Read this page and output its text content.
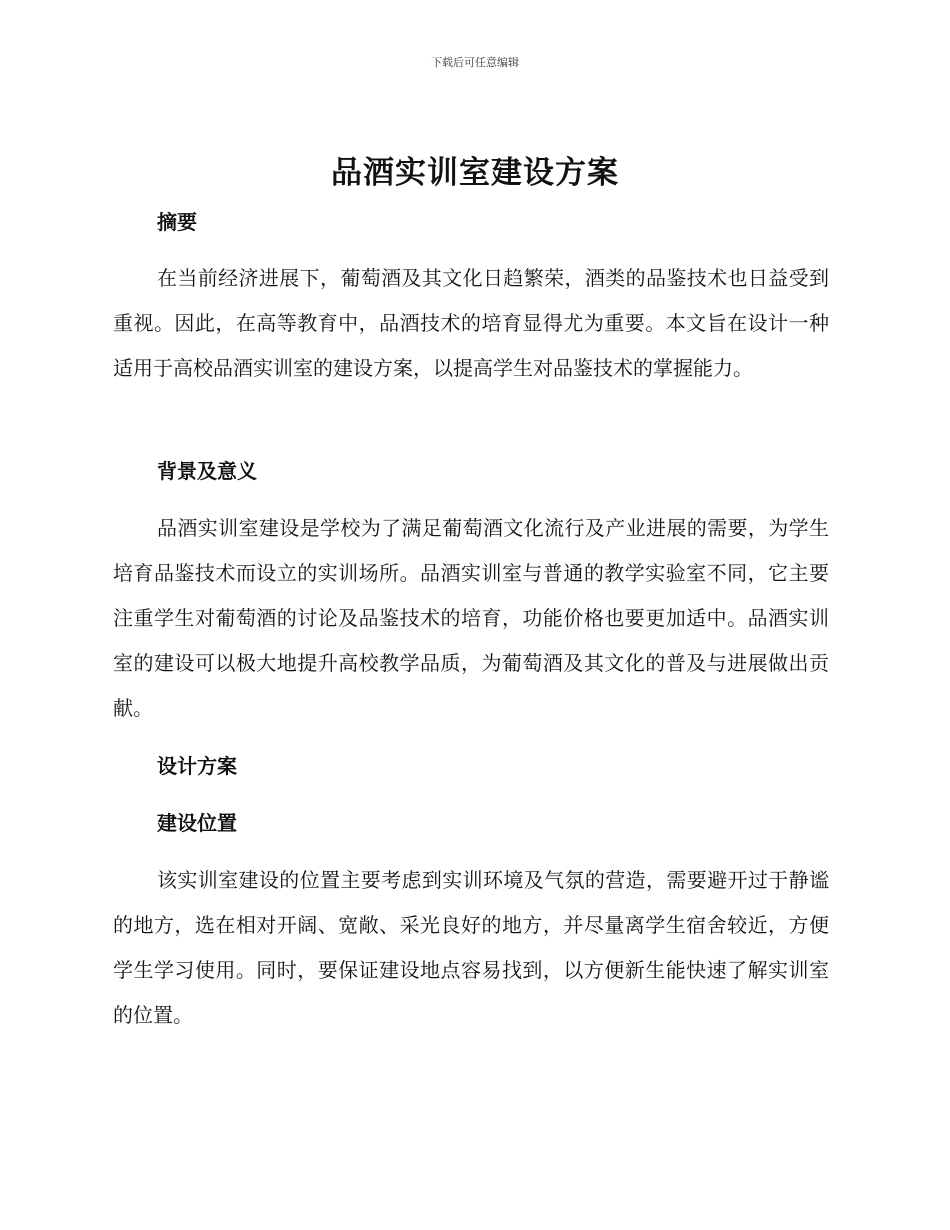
下载后可任意编辑
品酒实训室建设方案
摘要

在当前经济进展下，葡萄酒及其文化日趋繁荣，酒类的品鉴技术也日益受到重视。因此，在高等教育中，品酒技术的培育显得尤为重要。本文旨在设计一种适用于高校品酒实训室的建设方案，以提高学生对品鉴技术的掌握能力。

背景及意义

品酒实训室建设是学校为了满足葡萄酒文化流行及产业进展的需要，为学生培育品鉴技术而设立的实训场所。品酒实训室与普通的教学实验室不同，它主要注重学生对葡萄酒的讨论及品鉴技术的培育，功能价格也要更加适中。品酒实训室的建设可以极大地提升高校教学品质，为葡萄酒及其文化的普及与进展做出贡献。

设计方案
建设位置

该实训室建设的位置主要考虑到实训环境及气氛的营造，需要避开过于静谧的地方，选在相对开阔、宽敞、采光良好的地方，并尽量离学生宿舍较近，方便学生学习使用。同时，要保证建设地点容易找到，以方便新生能快速了解实训室的位置。
